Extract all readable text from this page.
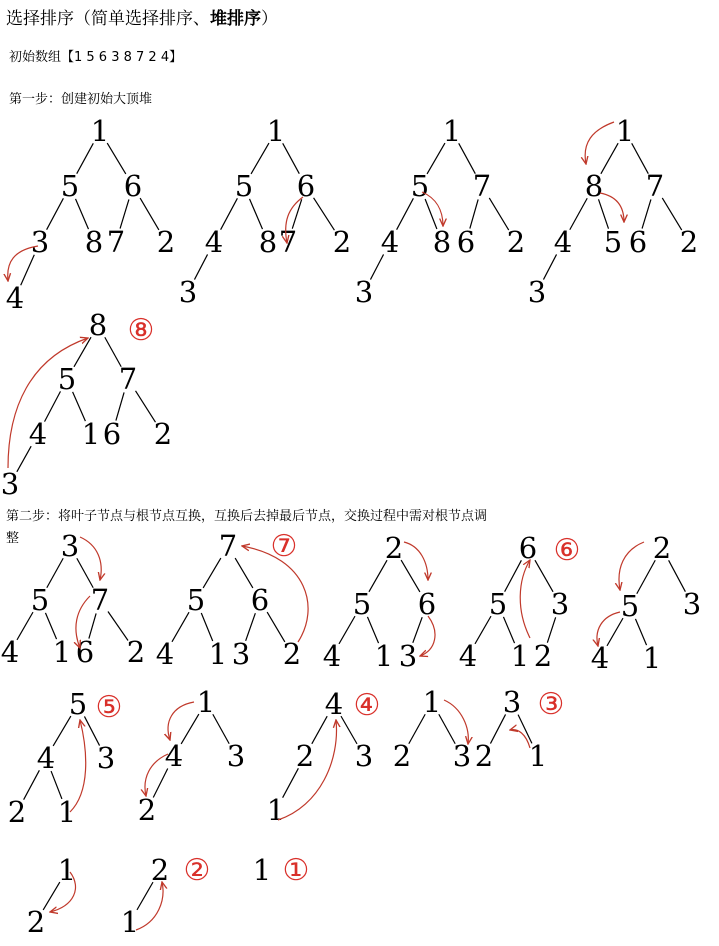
选择排序（简单选择排序、堆排序）
初始数组【1 5 6 3 8 7 2 4】
第一步：创建初始大顶堆
第二步：将叶子节点与根节点互换，互换后去掉最后节点，交换过程中需对根节点调
整
1
5 6
3 8 7 2
4
1
5 6
4 8 7 2
3
1
5 7
4 8 6 2
3
1
8 7
4 5 6 2
3
8
5 7
4 1 6 2
3
⑧
3
5 7
4 1 6 2
7
5 6
4 1 3 2
⑦	2
5 6
4 1 3
6
5 3
4 1 2
⑥ 2
5 3
4 1
5
4 3
2 1
⑤	1
4 3
2
4
2 3
1
④ 1
2 3
3
2 1
③
1
2
2
1
② 1 ①
